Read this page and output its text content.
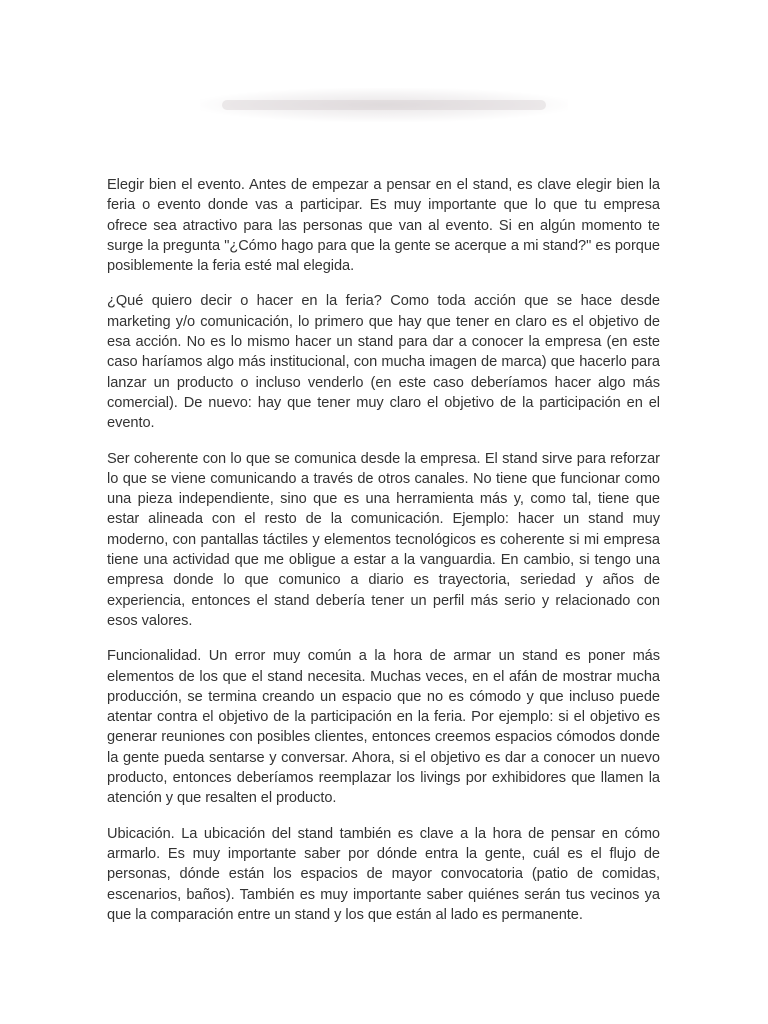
Elegir bien el evento. Antes de empezar a pensar en el stand, es clave elegir bien la feria o evento donde vas a participar. Es muy importante que lo que tu empresa ofrece sea atractivo para las personas que van al evento. Si en algún momento te surge la pregunta "¿Cómo hago para que la gente se acerque a mi stand?" es porque posiblemente la feria esté mal elegida.

¿Qué quiero decir o hacer en la feria? Como toda acción que se hace desde marketing y/o comunicación, lo primero que hay que tener en claro es el objetivo de esa acción. No es lo mismo hacer un stand para dar a conocer la empresa (en este caso haríamos algo más institucional, con mucha imagen de marca) que hacerlo para lanzar un producto o incluso venderlo (en este caso deberíamos hacer algo más comercial). De nuevo: hay que tener muy claro el objetivo de la participación en el evento.

Ser coherente con lo que se comunica desde la empresa. El stand sirve para reforzar lo que se viene comunicando a través de otros canales. No tiene que funcionar como una pieza independiente, sino que es una herramienta más y, como tal, tiene que estar alineada con el resto de la comunicación. Ejemplo: hacer un stand muy moderno, con pantallas táctiles y elementos tecnológicos es coherente si mi empresa tiene una actividad que me obligue a estar a la vanguardia. En cambio, si tengo una empresa donde lo que comunico a diario es trayectoria, seriedad y años de experiencia, entonces el stand debería tener un perfil más serio y relacionado con esos valores.

Funcionalidad. Un error muy común a la hora de armar un stand es poner más elementos de los que el stand necesita. Muchas veces, en el afán de mostrar mucha producción, se termina creando un espacio que no es cómodo y que incluso puede atentar contra el objetivo de la participación en la feria. Por ejemplo: si el objetivo es generar reuniones con posibles clientes, entonces creemos espacios cómodos donde la gente pueda sentarse y conversar. Ahora, si el objetivo es dar a conocer un nuevo producto, entonces deberíamos reemplazar los livings por exhibidores que llamen la atención y que resalten el producto.

Ubicación. La ubicación del stand también es clave a la hora de pensar en cómo armarlo. Es muy importante saber por dónde entra la gente, cuál es el flujo de personas, dónde están los espacios de mayor convocatoria (patio de comidas, escenarios, baños). También es muy importante saber quiénes serán tus vecinos ya que la comparación entre un stand y los que están al lado es permanente.
